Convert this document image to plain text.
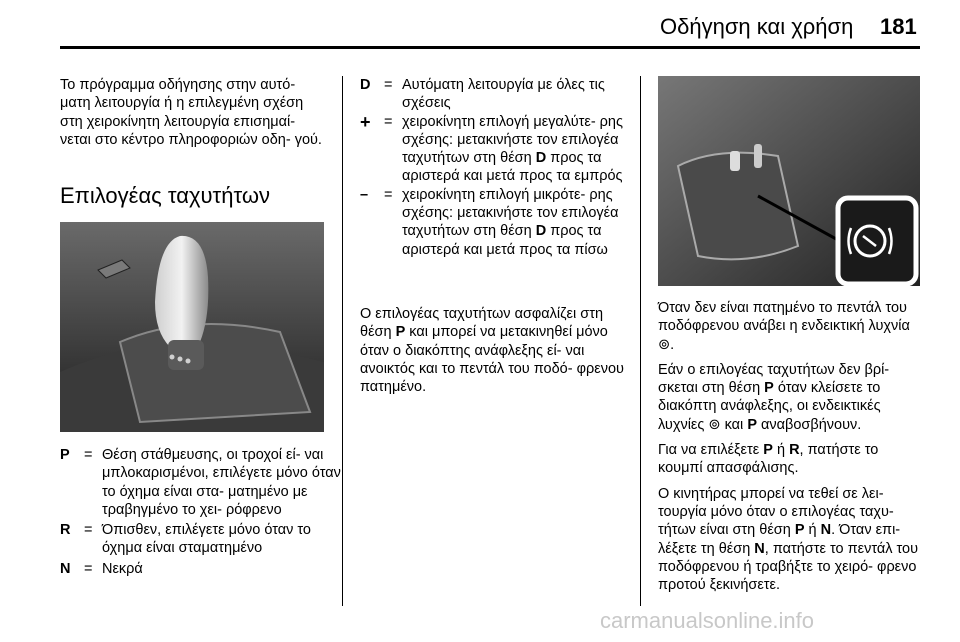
Οδήγηση και χρήση 181

Το πρόγραμμα οδήγησης στην αυτό- ματη λειτουργία ή η επιλεγμένη σχέση στη χειροκίνητη λειτουργία επισημαί- νεται στο κέντρο πληροφοριών οδη- γού.

Επιλογέας ταχυτήτων
P = Θέση στάθμευσης, οι τροχοί εί- ναι μπλοκαρισμένοι, επιλέγετε μόνο όταν το όχημα είναι στα- ματημένο με τραβηγμένο το χει- ρόφρενο
R = Όπισθεν, επιλέγετε μόνο όταν το όχημα είναι σταματημένο
N = Νεκρά
D = Αυτόματη λειτουργία με όλες τις σχέσεις
+ = χειροκίνητη επιλογή μεγαλύτε- ρης σχέσης: μετακινήστε τον επιλογέα ταχυτήτων στη θέση D προς τα αριστερά και μετά προς τα εμπρός
–	= χειροκίνητη επιλογή μικρότε- ρης σχέσης: μετακινήστε τον επιλογέα ταχυτήτων στη θέση D προς τα αριστερά και μετά προς τα πίσω

Ο επιλογέας ταχυτήτων ασφαλίζει στη θέση P και μπορεί να μετακινηθεί μόνο όταν ο διακόπτης ανάφλεξης εί- ναι ανοικτός και το πεντάλ του ποδό- φρενου πατημένο.

Όταν δεν είναι πατημένο το πεντάλ του ποδόφρενου ανάβει η ενδεικτική λυχνία ⊚.

Εάν ο επιλογέας ταχυτήτων δεν βρί- σκεται στη θέση P όταν κλείσετε το διακόπτη ανάφλεξης, οι ενδεικτικές λυχνίες ⊚ και P αναβοσβήνουν.

Για να επιλέξετε P ή R, πατήστε το κουμπί απασφάλισης.

Ο κινητήρας μπορεί να τεθεί σε λει- τουργία μόνο όταν ο επιλογέας ταχυ- τήτων είναι στη θέση P ή N. Όταν επι- λέξετε τη θέση N, πατήστε το πεντάλ του ποδόφρενου ή τραβήξτε το χειρό- φρενο προτού ξεκινήσετε.

carmanualsonline.info
